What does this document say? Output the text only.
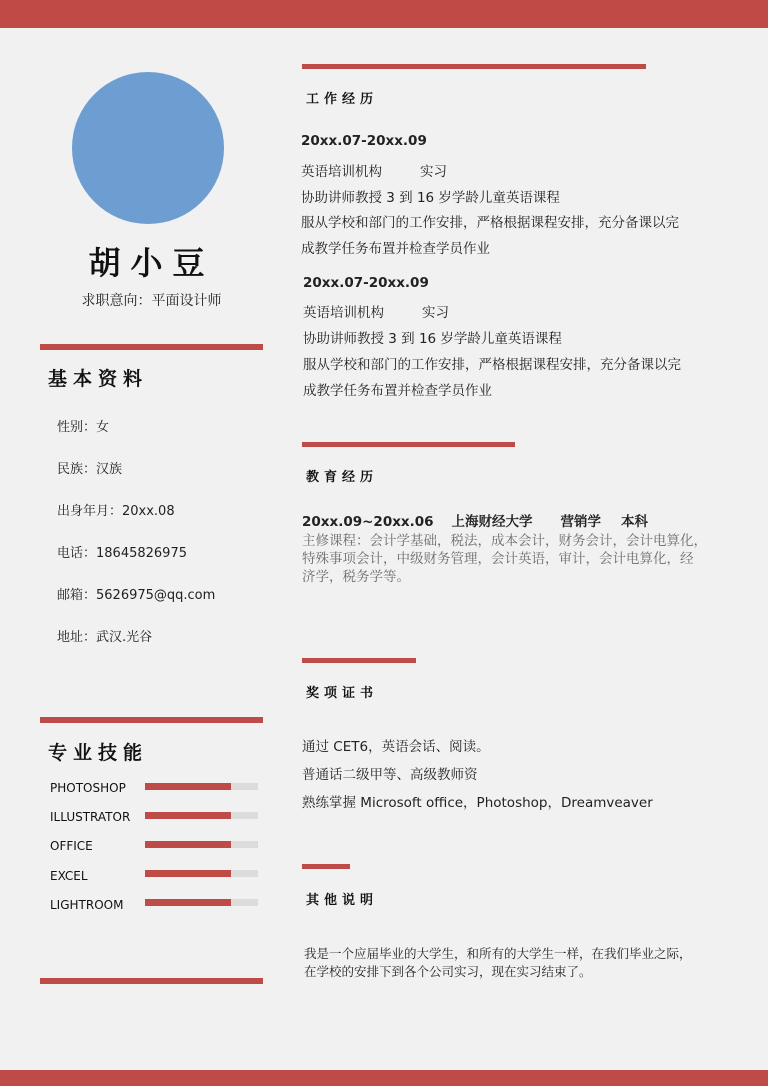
胡小豆
求职意向：平面设计师
基本资料
性别：女
民族：汉族
出身年月：20xx.08
电话：18645826975
邮箱：5626975@qq.com
地址：武汉.光谷
专业技能
PHOTOSHOP
ILLUSTRATOR
OFFICE
EXCEL
LIGHTROOM
工作经历
20xx.07-20xx.09
英语培训机构	实习
协助讲师教授 3 到 16 岁学龄儿童英语课程
服从学校和部门的工作安排，严格根据课程安排，充分备课以完
成教学任务布置并检查学员作业
20xx.07-20xx.09
英语培训机构	实习
协助讲师教授 3 到 16 岁学龄儿童英语课程
服从学校和部门的工作安排，严格根据课程安排，充分备课以完
成教学任务布置并检查学员作业
教育经历
20xx.09~20xx.06 上海财经大学 营销学 本科
主修课程：会计学基础，税法，成本会计，财务会计，会计电算化，
特殊事项会计，中级财务管理，会计英语，审计，会计电算化，经
济学，税务学等。
奖项证书
通过 CET6，英语会话、阅读。
普通话二级甲等、高级教师资
熟练掌握 Microsoft office，Photoshop，Dreamveaver
其他说明
我是一个应届毕业的大学生，和所有的大学生一样，在我们毕业之际，
在学校的安排下到各个公司实习，现在实习结束了。
